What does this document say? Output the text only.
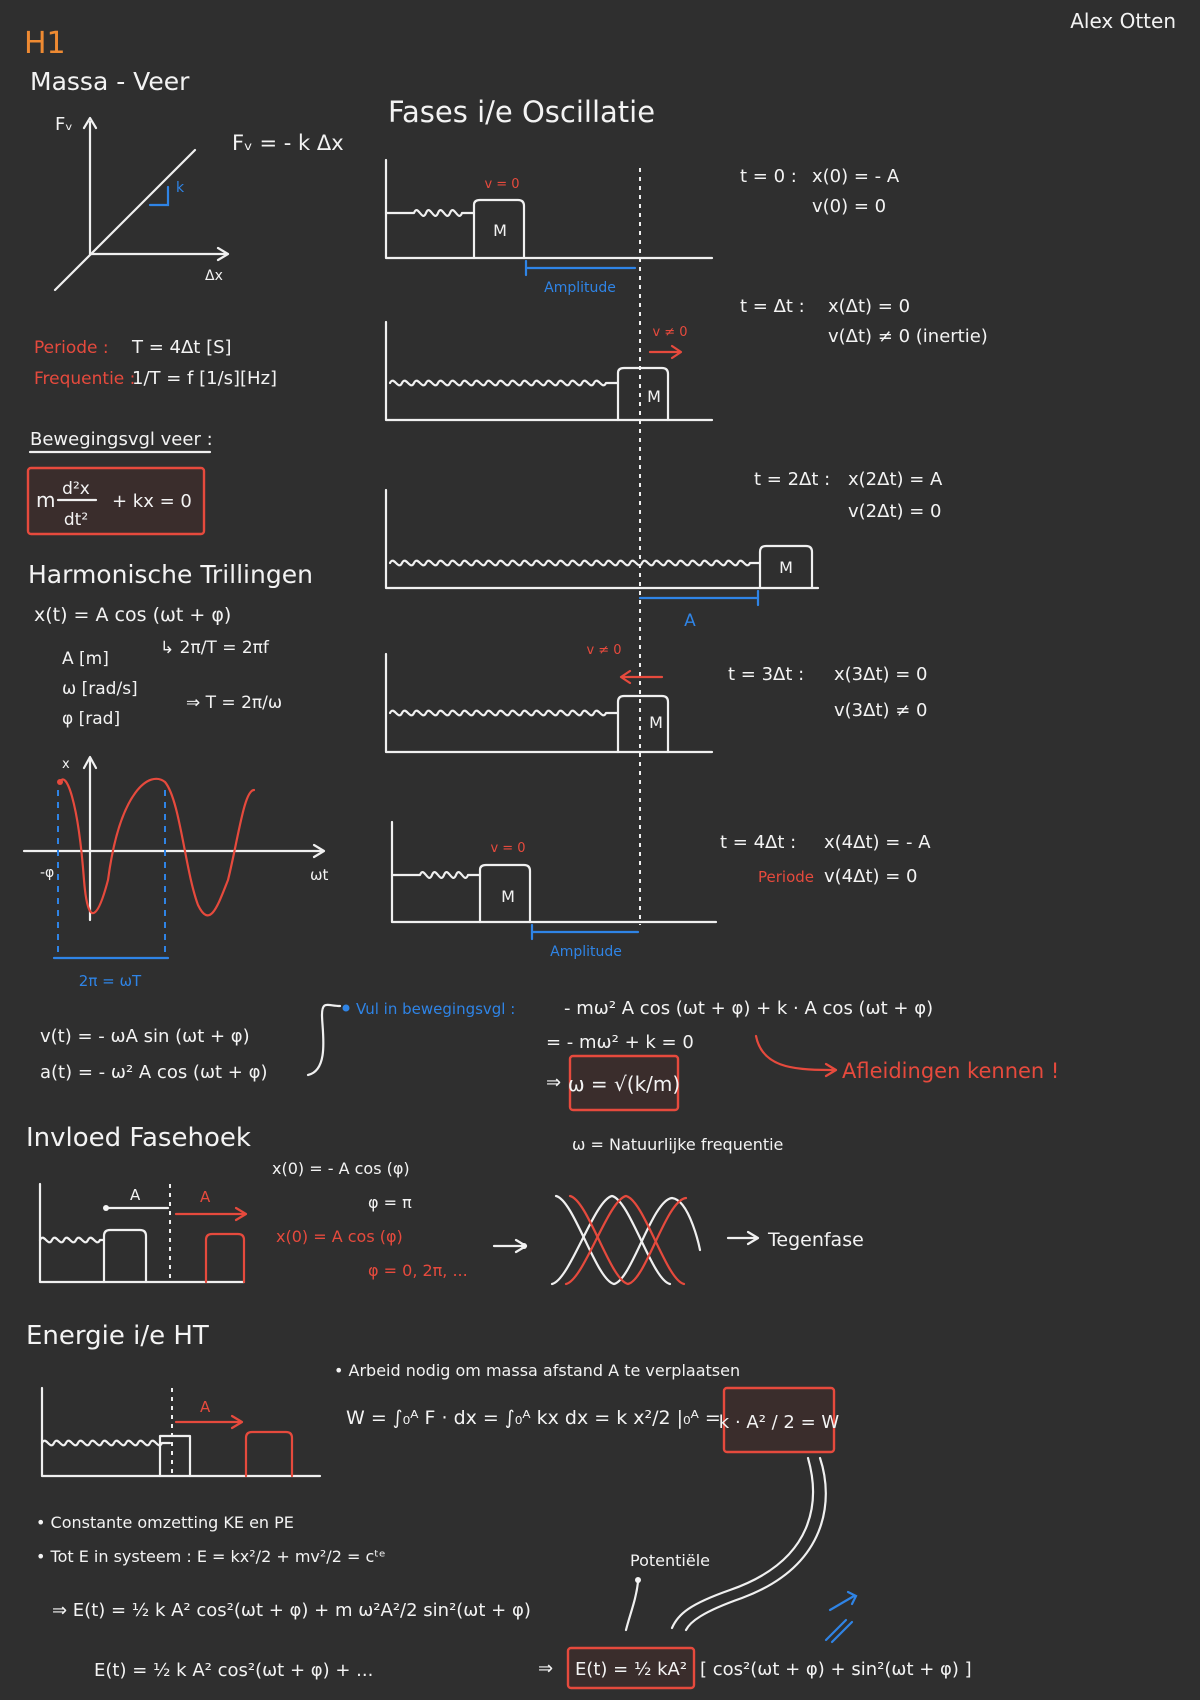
H1
Alex Otten
Massa - Veer
k
Fᵥ
Δx
Fᵥ = - k Δx
Periode : T = 4Δt [S]
Frequentie :
1/T = f [1/s][Hz]
Bewegingsvgl veer :
m d²x
dt²
+ kx = 0
Harmonische Trillingen
x(t) = A cos (ωt + φ)
↳ 2π/T = 2πf
A [m]
ω [rad/s]
φ [rad]
⇒ T = 2π/ω
ωt
x
-φ
2π = ωT
v(t) = - ωA sin (ωt + φ)
a(t) = - ω² A cos (ωt + φ)
Fases i/e Oscillatie
M
v = 0
Amplitude
t = 0 : x(0) = - A
v(0) = 0
M
v ≠ 0
t = Δt : x(Δt) = 0
v(Δt) ≠ 0 (inertie)
M
A
t = 2Δt : x(2Δt) = A
v(2Δt) = 0
M
v ≠ 0
t = 3Δt : x(3Δt) = 0
v(3Δt) ≠ 0
M
v = 0
Amplitude
t = 4Δt : x(4Δt) = - A
Periode v(4Δt) = 0
Vul in bewegingsvgl :	- mω² A cos (ωt + φ) + k · A cos (ωt + φ)
= - mω² + k = 0
⇒ ω = √(k/m)
ω = Natuurlijke frequentie
Afleidingen kennen !
Invloed Fasehoek
A	A
x(0) = - A cos (φ)
φ = π
x(0) = A cos (φ)
φ = 0, 2π, ...
Tegenfase
Energie i/e HT
A
• Arbeid nodig om massa afstand A te verplaatsen
W = ∫₀ᴬ F · dx = ∫₀ᴬ kx dx = k x²/2 |₀ᴬ =
k · A² / 2 = W
• Constante omzetting KE en PE
• Tot E in systeem : E = kx²/2 + mv²/2 = cᵗᵉ
⇒ E(t) = ½ k A² cos²(ωt + φ) + m ω²A²/2 sin²(ωt + φ)
E(t) = ½ k A² cos²(ωt + φ) + ...
Potentiële
⇒ E(t) = ½ kA² [ cos²(ωt + φ) + sin²(ωt + φ) ]
